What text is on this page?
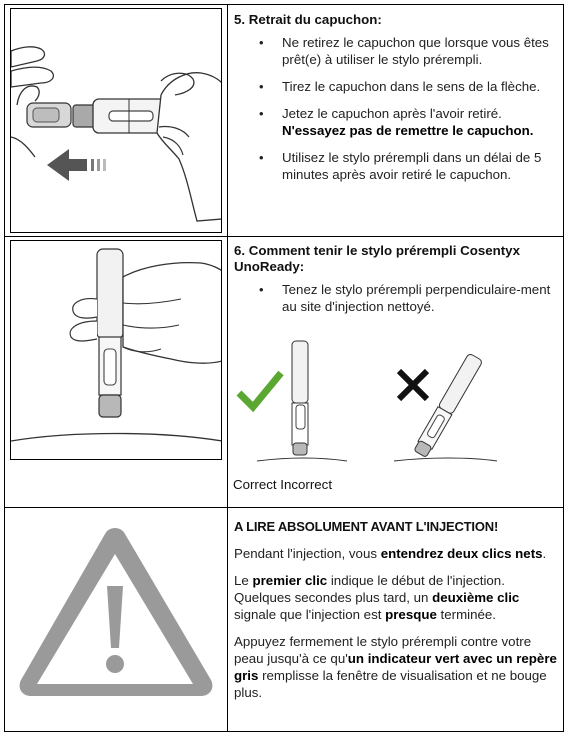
5. Retrait du capuchon:
• Ne retirez le capuchon que lorsque vous êtes prêt(e) à utiliser le stylo prérempli.
• Tirez le capuchon dans le sens de la flèche.
• Jetez le capuchon après l'avoir retiré. N'essayez pas de remettre le capuchon.
• Utilisez le stylo prérempli dans un délai de 5 minutes après avoir retiré le capuchon.
6. Comment tenir le stylo prérempli Cosentyx UnoReady:
• Tenez le stylo prérempli perpendiculaire-ment au site d'injection nettoyé.
Correct Incorrect
A LIRE ABSOLUMENT AVANT L'INJECTION!

Pendant l'injection, vous entendrez deux clics nets.

Le premier clic indique le début de l'injection. Quelques secondes plus tard, un deuxième clic signale que l'injection est presque terminée.

Appuyez fermement le stylo prérempli contre votre peau jusqu'à ce qu'un indicateur vert avec un repère gris remplisse la fenêtre de visualisation et ne bouge plus.
